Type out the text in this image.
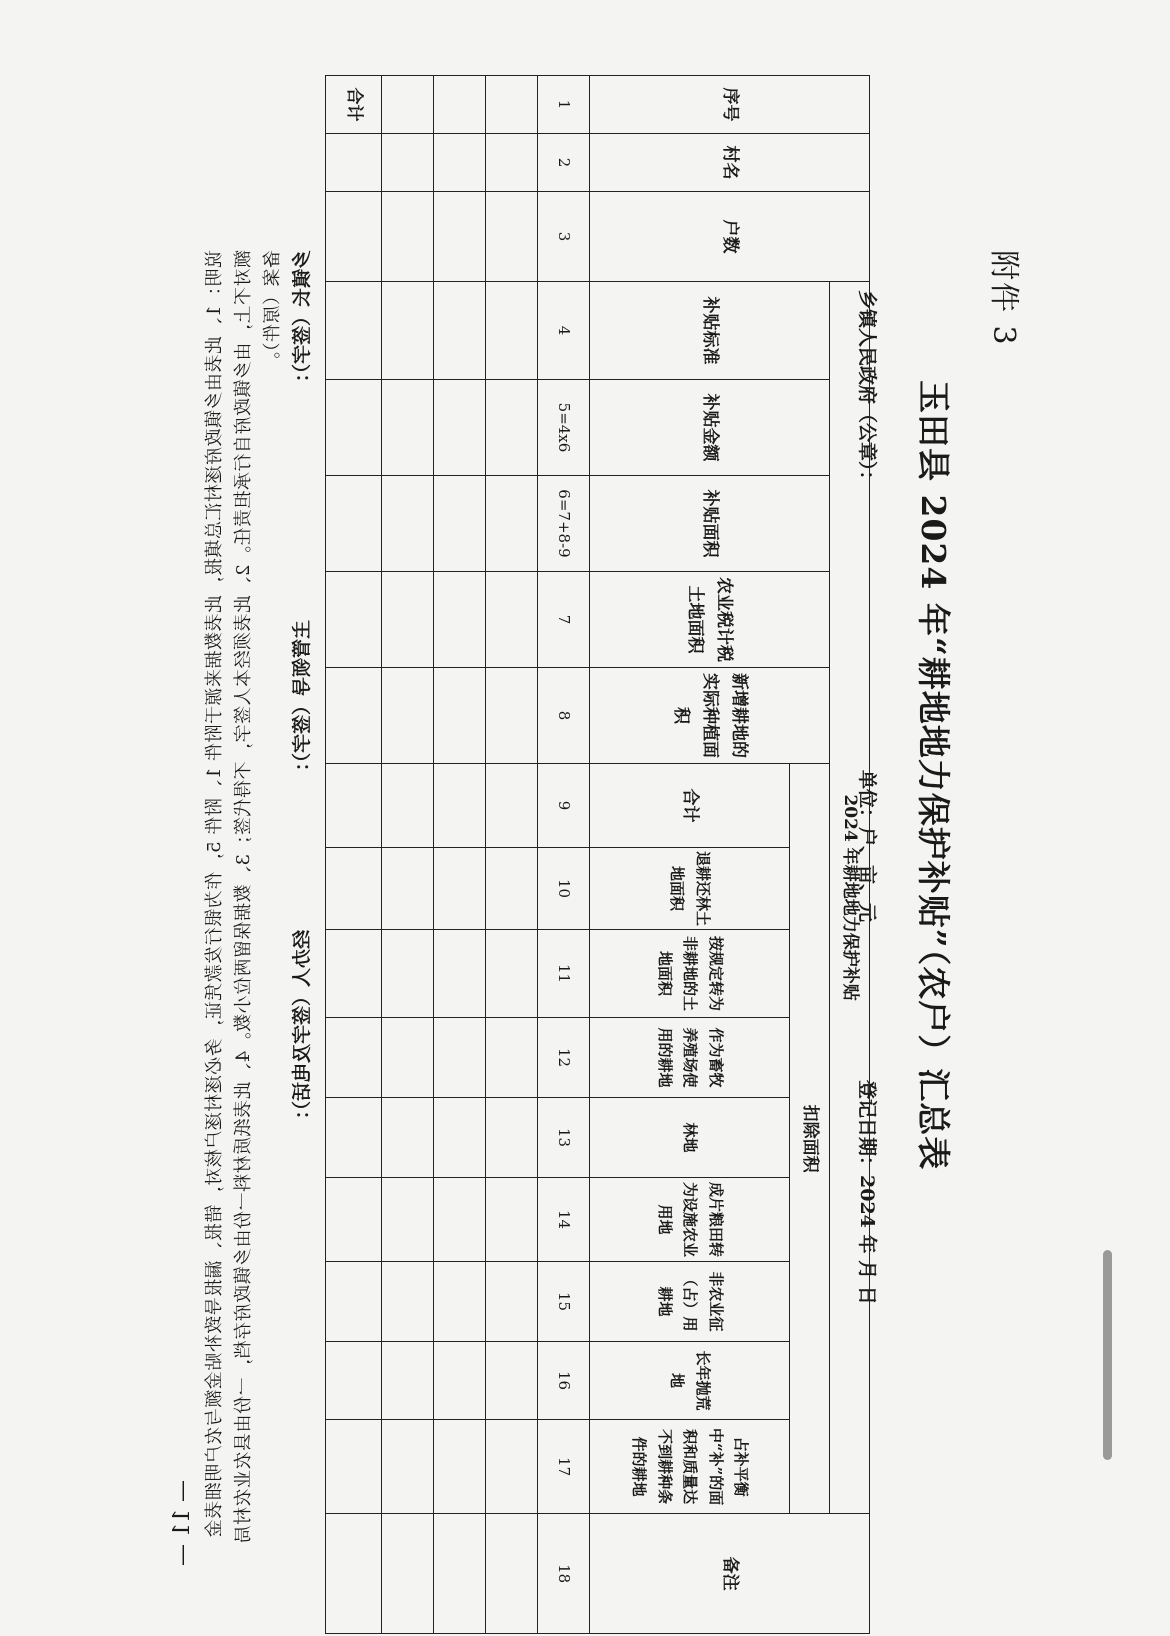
附件 3
玉田县 2024 年“耕地地力保护补贴”（农户）汇总表
乡镇人民政府（公章）：
单位：户、亩、元
登记日期：2024 年 月 日
序号	村名	户数	2024 年耕地地力保护补贴														备注
			补贴标准	补贴金额	补贴面积	农业税计税土地面积	新增耕地的实际种植面积	扣除面积									
								合计	退耕还林土地面积	按规定转为非耕地的土地面积	作为畜牧养殖场使用的耕地	林地	成片粮田转为设施农业用地	非农业征（占）用耕地	长年抛荒地	占补平衡中“补”的面积和质量达不到耕种条件的耕地	
1	2	3	4	5=4x6	6=7+8-9	7	8	9	10	11	12	13	14	15	16	17	18

合计																	
乡镇长（签字）：
主管领导（签字）：
经办人（签字及电话）：
说明：1、此表由乡镇政府逐村汇总填报，此表数据来源于附件 1、附件 5，作为银行发款凭证，务必逐村逐户核对，错报、漏报导致补贴金额与农户明细表金额对不上，由乡镇政府自行承担责任。2、此表须经本人签字，不得代签；3、数据保留两位小数。4、此表纸质材料一份由乡镇政府存档，一份由县农业农村局备案（原件）。
— 11 —
